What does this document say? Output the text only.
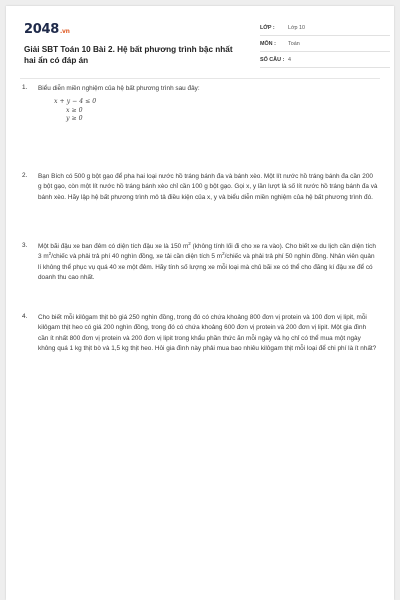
2048.vn
Giải SBT Toán 10 Bài 2. Hệ bất phương trình bậc nhất hai ẩn có đáp án
LỚP :	Lớp 10
MÔN :	Toán
SỐ CÂU : 4
1. Biểu diễn miền nghiệm của hệ bất phương trình sau đây:
x + y − 4 ≤ 0
x ≥ 0
y ≥ 0
2. Bạn Bích có 500 g bột gạo để pha hai loại nước hồ tráng bánh đa và bánh xèo. Một lít nước hồ tráng bánh đa cần 200 g bột gạo, còn một lít nước hồ tráng bánh xèo chỉ cần 100 g bột gạo. Gọi x, y lần lượt là số lít nước hồ tráng bánh đa và bánh xèo. Hãy lập hệ bất phương trình mô tả điều kiện của x, y và biểu diễn miền nghiệm của hệ bất phương trình đó.
3. Một bãi đậu xe ban đêm có diện tích đậu xe là 150 $m^2$ (không tính lối đi cho xe ra vào). Cho biết xe du lịch cần diện tích 3 $m^2$/chiếc và phải trả phí 40 nghìn đồng, xe tải cần diện tích 5 $m^2$/chiếc và phải trả phí 50 nghìn đồng. Nhân viên quản lí không thể phục vụ quá 40 xe một đêm. Hãy tính số lượng xe mỗi loại mà chủ bãi xe có thể cho đăng kí đậu xe để có doanh thu cao nhất.
4. Cho biết mỗi kilôgam thịt bò giá 250 nghìn đồng, trong đó có chứa khoảng 800 đơn vị protein và 100 đơn vị lipit, mỗi kilôgam thịt heo có giá 200 nghìn đồng, trong đó có chứa khoảng 600 đơn vị protein và 200 đơn vị lipit. Một gia đình cần ít nhất 800 đơn vị protein và 200 đơn vị lipit trong khẩu phần thức ăn mỗi ngày và họ chỉ có thể mua một ngày không quá 1 kg thịt bò và 1,5 kg thịt heo. Hỏi gia đình này phải mua bao nhiêu kilôgam thịt mỗi loại để chi phí là ít nhất?
